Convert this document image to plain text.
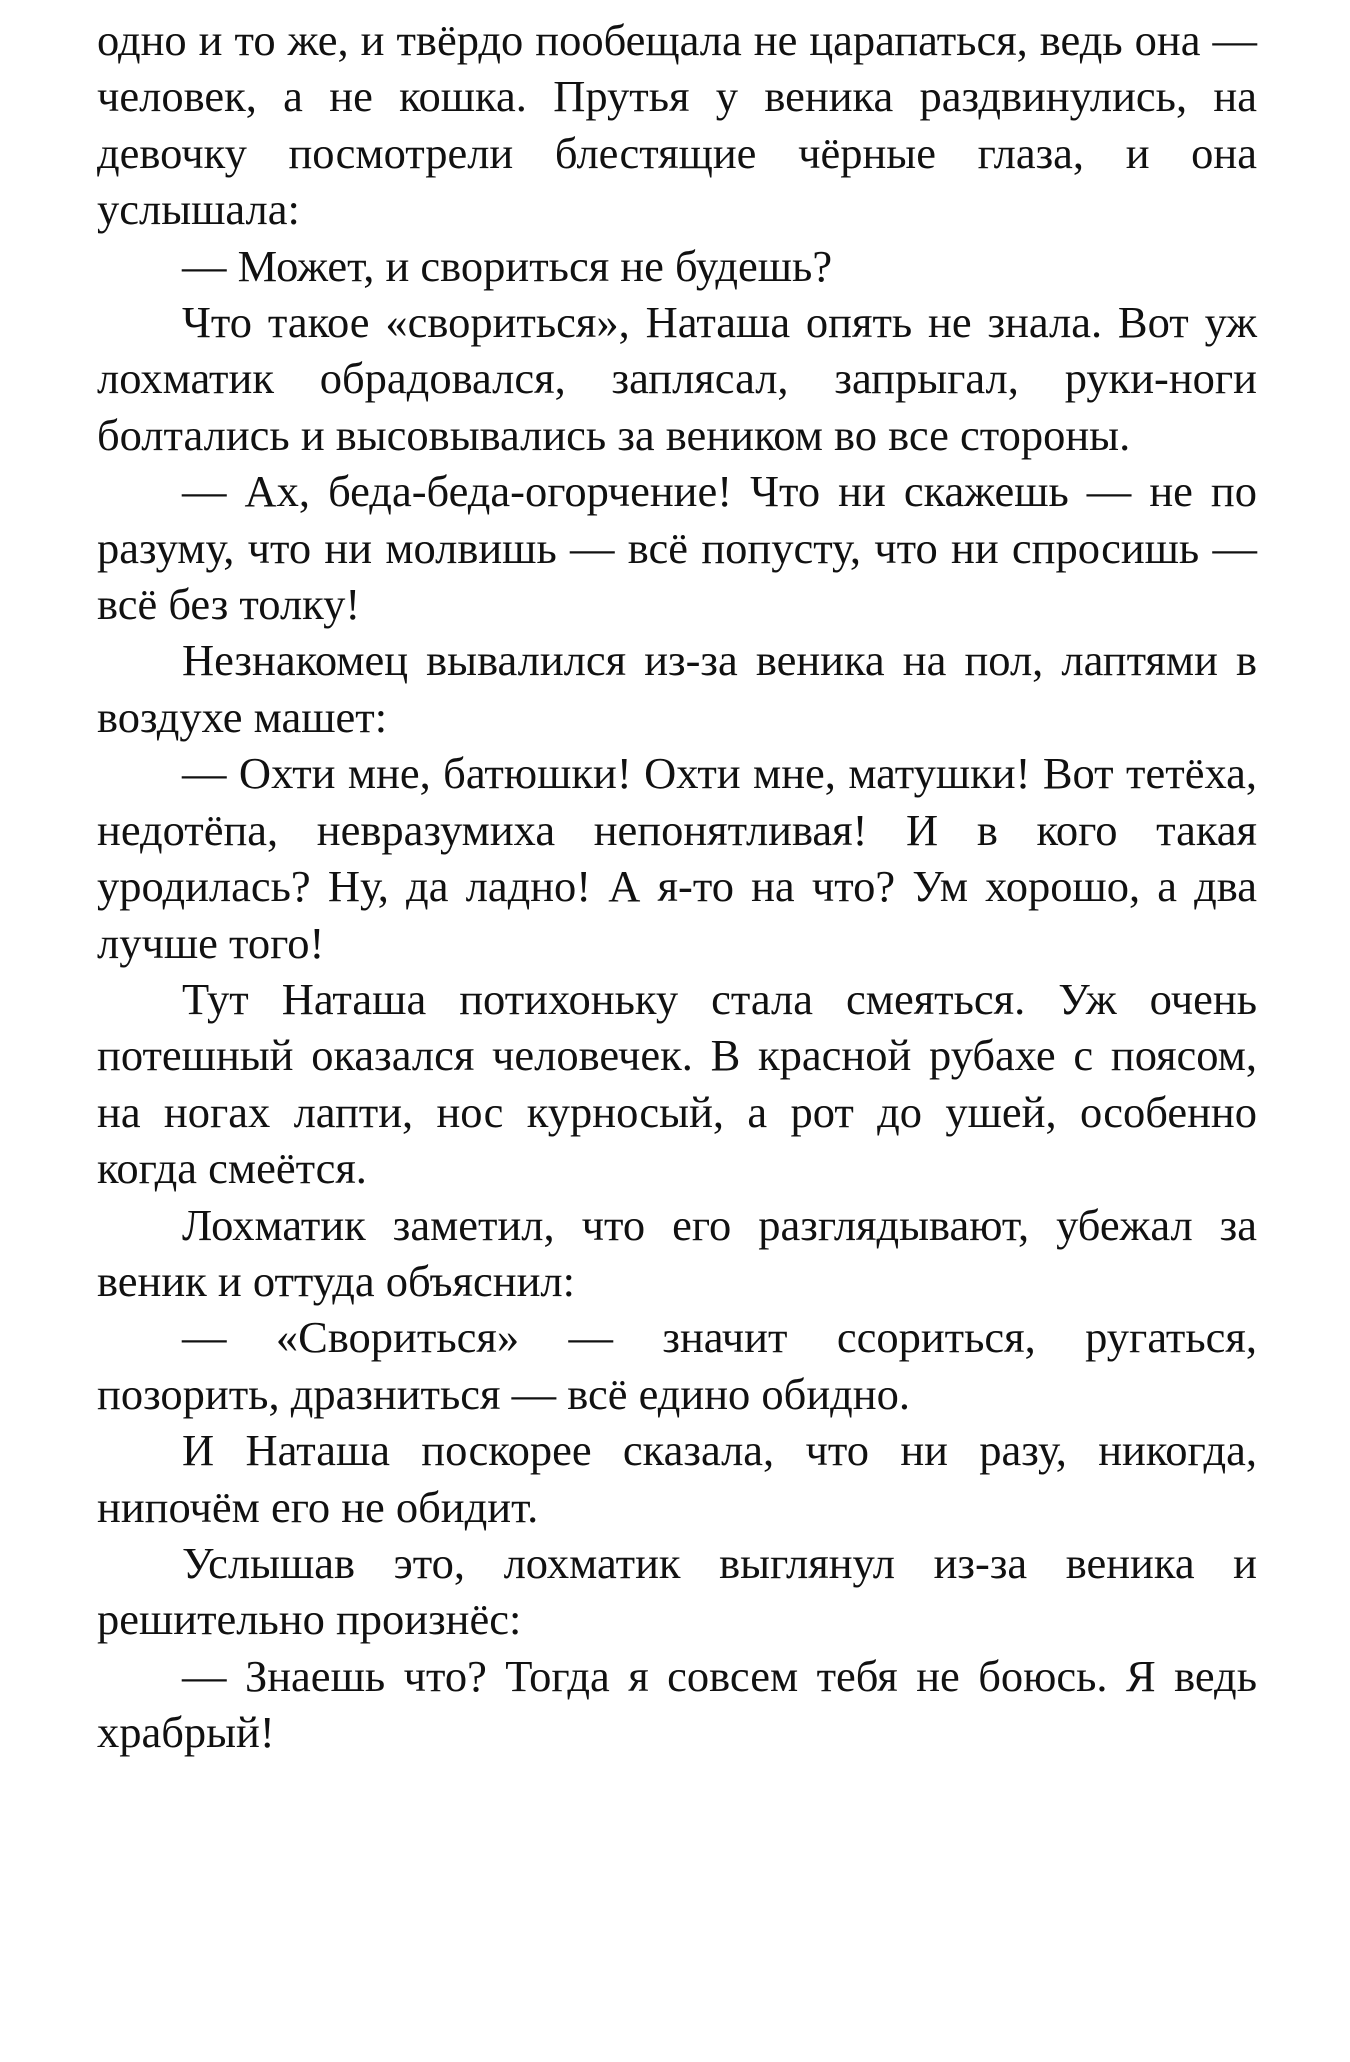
одно и то же, и твёрдо пообещала не царапаться, ведь она — человек, а не кошка. Прутья у веника раздвинулись, на девочку посмотрели блестящие чёрные глаза, и она услышала:

— Может, и свориться не будешь?

Что такое «свориться», Наташа опять не знала. Вот уж лохматик обрадовался, заплясал, запрыгал, руки-ноги болтались и высовывались за веником во все стороны.

— Ах, беда-беда-огорчение! Что ни скажешь — не по разуму, что ни молвишь — всё попусту, что ни спросишь — всё без толку!

Незнакомец вывалился из-за веника на пол, лаптями в воздухе машет:

— Охти мне, батюшки! Охти мне, матушки! Вот тетёха, недотёпа, невразумиха непонятливая! И в кого такая уродилась? Ну, да ладно! А я-то на что? Ум хорошо, а два лучше того!

Тут Наташа потихоньку стала смеяться. Уж очень потешный оказался человечек. В красной рубахе с поясом, на ногах лапти, нос курносый, а рот до ушей, особенно когда смеётся.

Лохматик заметил, что его разглядывают, убежал за веник и оттуда объяснил:

— «Свориться» — значит ссориться, ругаться, позорить, дразниться — всё едино обидно.

И Наташа поскорее сказала, что ни разу, никогда, нипочём его не обидит.

Услышав это, лохматик выглянул из-за веника и решительно произнёс:

— Знаешь что? Тогда я совсем тебя не боюсь. Я ведь храбрый!
